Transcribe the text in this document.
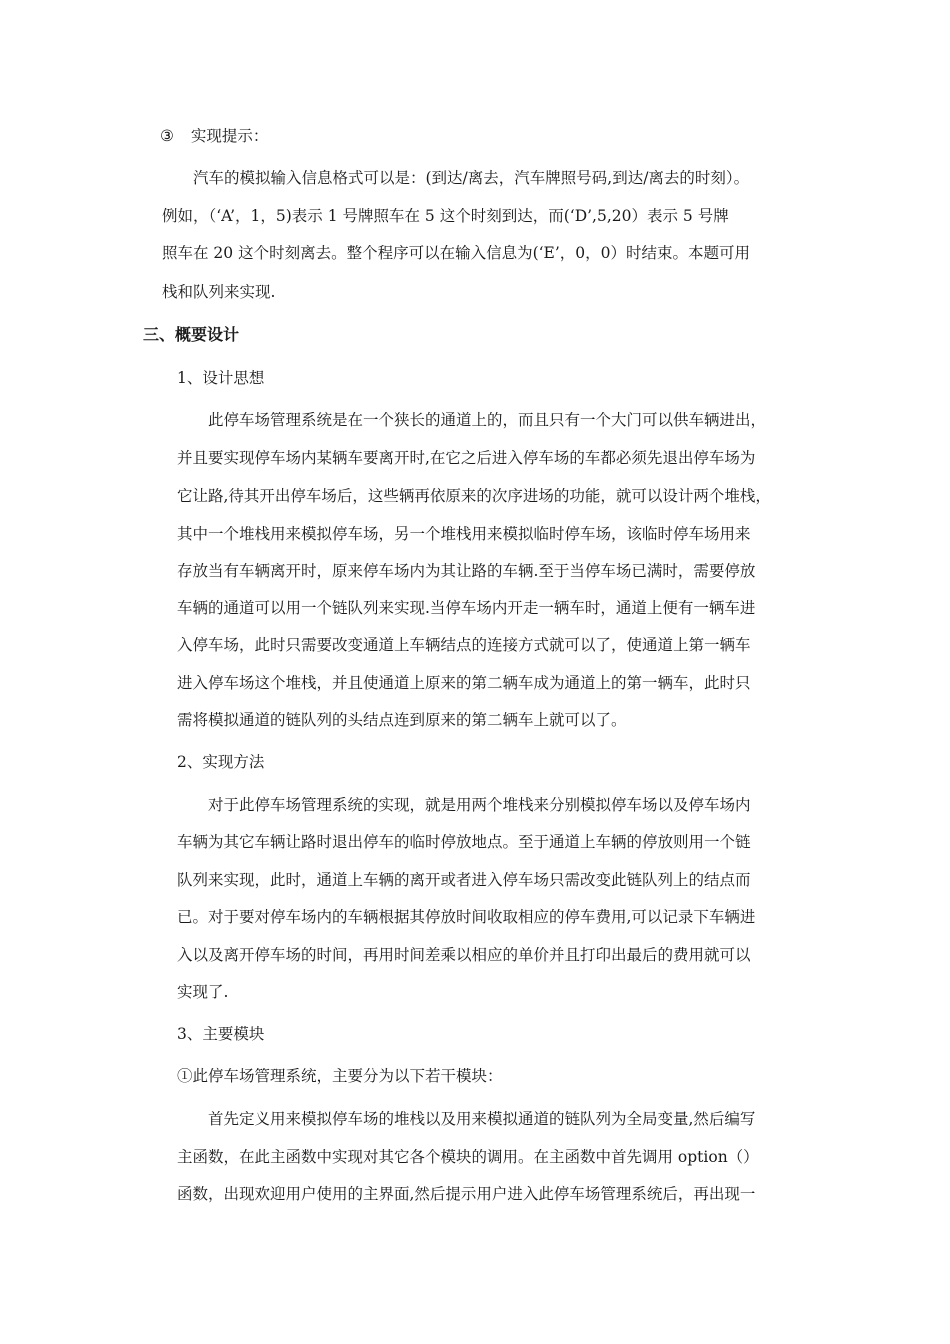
③ 实现提示：
汽车的模拟输入信息格式可以是：(到达/离去，汽车牌照号码,到达/离去的时刻）。
例如，（‘A’，1，5)表示 1 号牌照车在 5 这个时刻到达，而(‘D’,5,20）表示 5 号牌
照车在 20 这个时刻离去。整个程序可以在输入信息为(‘E’，0，0）时结束。本题可用
栈和队列来实现.
三、概要设计
1、设计思想
此停车场管理系统是在一个狭长的通道上的，而且只有一个大门可以供车辆进出，
并且要实现停车场内某辆车要离开时,在它之后进入停车场的车都必须先退出停车场为
它让路,待其开出停车场后，这些辆再依原来的次序进场的功能，就可以设计两个堆栈，
其中一个堆栈用来模拟停车场，另一个堆栈用来模拟临时停车场，该临时停车场用来
存放当有车辆离开时，原来停车场内为其让路的车辆.至于当停车场已满时，需要停放
车辆的通道可以用一个链队列来实现.当停车场内开走一辆车时，通道上便有一辆车进
入停车场，此时只需要改变通道上车辆结点的连接方式就可以了，使通道上第一辆车
进入停车场这个堆栈，并且使通道上原来的第二辆车成为通道上的第一辆车，此时只
需将模拟通道的链队列的头结点连到原来的第二辆车上就可以了。
2、实现方法
对于此停车场管理系统的实现，就是用两个堆栈来分别模拟停车场以及停车场内
车辆为其它车辆让路时退出停车的临时停放地点。至于通道上车辆的停放则用一个链
队列来实现，此时，通道上车辆的离开或者进入停车场只需改变此链队列上的结点而
已。对于要对停车场内的车辆根据其停放时间收取相应的停车费用,可以记录下车辆进
入以及离开停车场的时间，再用时间差乘以相应的单价并且打印出最后的费用就可以
实现了.
3、主要模块
①此停车场管理系统，主要分为以下若干模块：
首先定义用来模拟停车场的堆栈以及用来模拟通道的链队列为全局变量,然后编写
主函数，在此主函数中实现对其它各个模块的调用。在主函数中首先调用 option（）
函数，出现欢迎用户使用的主界面,然后提示用户进入此停车场管理系统后，再出现一
